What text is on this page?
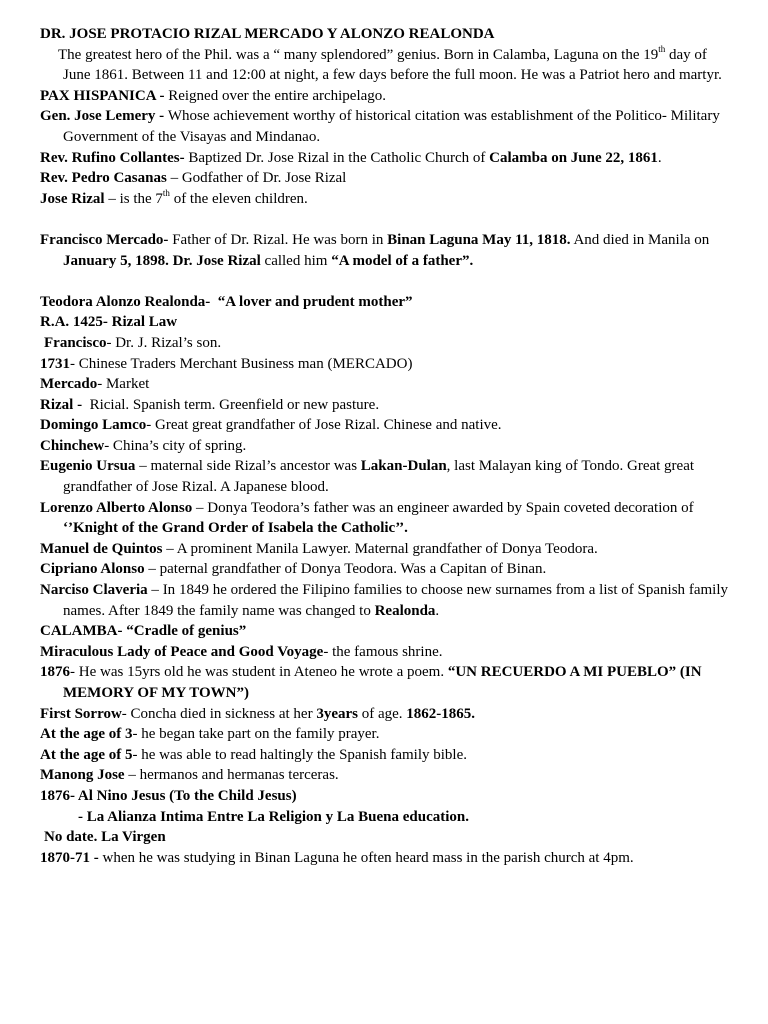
DR. JOSE PROTACIO RIZAL MERCADO Y ALONZO REALONDA

The greatest hero of the Phil. was a “ many splendored” genius. Born in Calamba, Laguna on the 19th day of June 1861. Between 11 and 12:00 at night, a few days before the full moon. He was a Patriot hero and martyr.

PAX HISPANICA - Reigned over the entire archipelago.

Gen. Jose Lemery - Whose achievement worthy of historical citation was establishment of the Politico- Military Government of the Visayas and Mindanao.

Rev. Rufino Collantes- Baptized Dr. Jose Rizal in the Catholic Church of Calamba on June 22, 1861.

Rev. Pedro Casanas – Godfather of Dr. Jose Rizal

Jose Rizal – is the 7th of the eleven children.

Francisco Mercado- Father of Dr. Rizal. He was born in Binan Laguna May 11, 1818. And died in Manila on   January 5, 1898. Dr. Jose Rizal called him “A model of a father”.

Teodora Alonzo Realonda- “A lover and prudent mother”

R.A. 1425- Rizal Law

Francisco- Dr. J. Rizal’s son.

1731- Chinese Traders Merchant Business man (MERCADO)

Mercado- Market

Rizal -  Ricial. Spanish term. Greenfield or new pasture.

Domingo Lamco- Great great grandfather of Jose Rizal. Chinese and native.

Chinchew- China’s city of spring.

Eugenio Ursua – maternal side Rizal’s ancestor was Lakan-Dulan, last Malayan king of Tondo. Great great grandfather of Jose Rizal. A Japanese blood.

Lorenzo Alberto Alonso – Donya Teodora’s father was an engineer awarded by Spain coveted decoration of ‘’Knight of the Grand Order of Isabela the Catholic’’.

Manuel de Quintos – A prominent Manila Lawyer. Maternal grandfather of Donya Teodora.

Cipriano Alonso – paternal grandfather of Donya Teodora. Was a Capitan of Binan.

Narciso Claveria – In 1849 he ordered the Filipino families to choose new surnames from a list of Spanish family names. After 1849 the family name was changed to Realonda.

CALAMBA- “Cradle of genius”

Miraculous Lady of Peace and Good Voyage- the famous shrine.

1876- He was 15yrs old he was student in Ateneo he wrote a poem. “UN RECUERDO A MI PUEBLO” (IN MEMORY OF MY TOWN”)

First Sorrow- Concha died in sickness at her 3years of age. 1862-1865.

At the age of 3- he began take part on the family prayer.

At the age of 5- he was able to read haltingly the Spanish family bible.

Manong Jose – hermanos and hermanas terceras.

1876- Al Nino Jesus (To the Child Jesus)

- La Alianza Intima Entre La Religion y La Buena education.

No date. La Virgen

1870-71 - when he was studying in Binan Laguna he often heard mass in the parish church at 4pm.
